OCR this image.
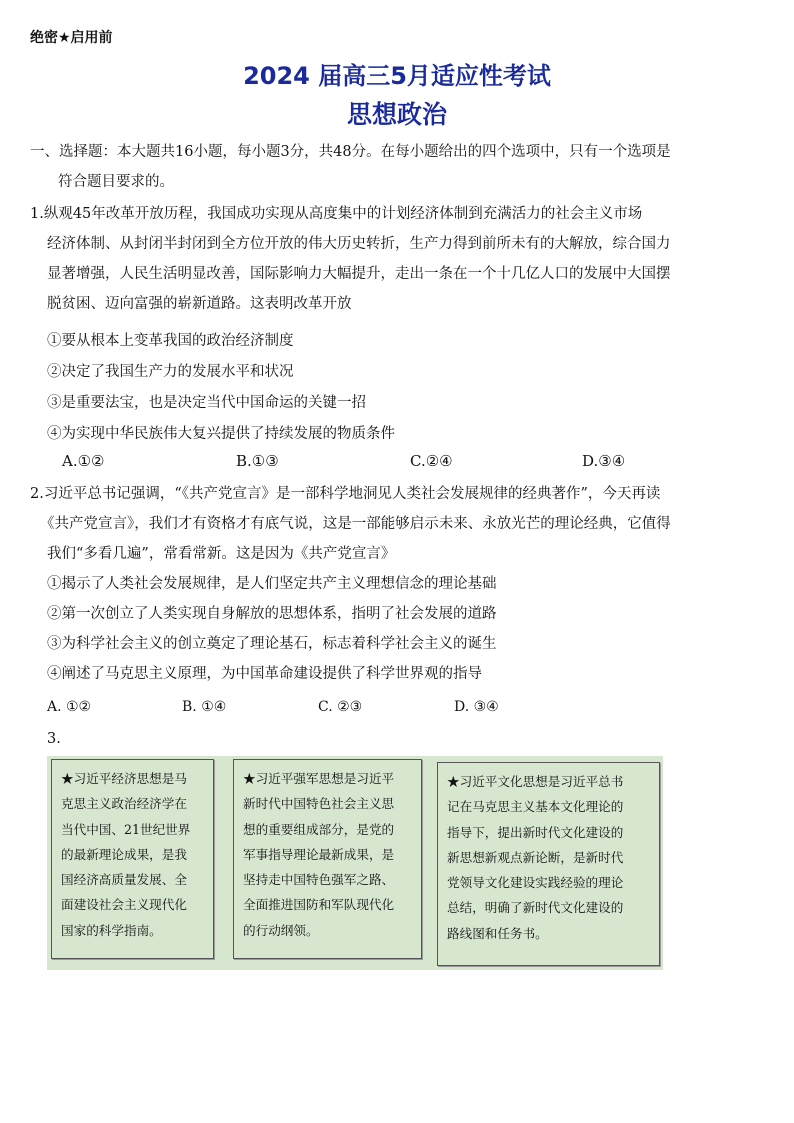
绝密★启用前
2024 届高三5月适应性考试
思想政治
一、选择题：本大题共16小题，每小题3分，共48分。在每小题给出的四个选项中，只有一个选项是
符合题目要求的。
1.纵观45年改革开放历程，我国成功实现从高度集中的计划经济体制到充满活力的社会主义市场
经济体制、从封闭半封闭到全方位开放的伟大历史转折，生产力得到前所未有的大解放，综合国力
显著增强，人民生活明显改善，国际影响力大幅提升，走出一条在一个十几亿人口的发展中大国摆
脱贫困、迈向富强的崭新道路。这表明改革开放
①要从根本上变革我国的政治经济制度
②决定了我国生产力的发展水平和状况
③是重要法宝，也是决定当代中国命运的关键一招
④为实现中华民族伟大复兴提供了持续发展的物质条件
A.①②	B.①③	C.②④	D.③④
2.习近平总书记强调，“《共产党宣言》是一部科学地洞见人类社会发展规律的经典著作”，今天再读
《共产党宣言》，我们才有资格才有底气说，这是一部能够启示未来、永放光芒的理论经典，它值得
我们“多看几遍”，常看常新。这是因为《共产党宣言》
①揭示了人类社会发展规律，是人们坚定共产主义理想信念的理论基础
②第一次创立了人类实现自身解放的思想体系，指明了社会发展的道路
③为科学社会主义的创立奠定了理论基石，标志着科学社会主义的诞生
④阐述了马克思主义原理，为中国革命建设提供了科学世界观的指导
A. ①②	B. ①④	C. ②③	D. ③④
3.
★习近平经济思想是马
克思主义政治经济学在
当代中国、21世纪世界
的最新理论成果，是我
国经济高质量发展、全
面建设社会主义现代化
国家的科学指南。
★习近平强军思想是习近平
新时代中国特色社会主义思
想的重要组成部分，是党的
军事指导理论最新成果，是
坚持走中国特色强军之路、
全面推进国防和军队现代化
的行动纲领。
★习近平文化思想是习近平总书
记在马克思主义基本文化理论的
指导下，提出新时代文化建设的
新思想新观点新论断，是新时代
党领导文化建设实践经验的理论
总结，明确了新时代文化建设的
路线图和任务书。
